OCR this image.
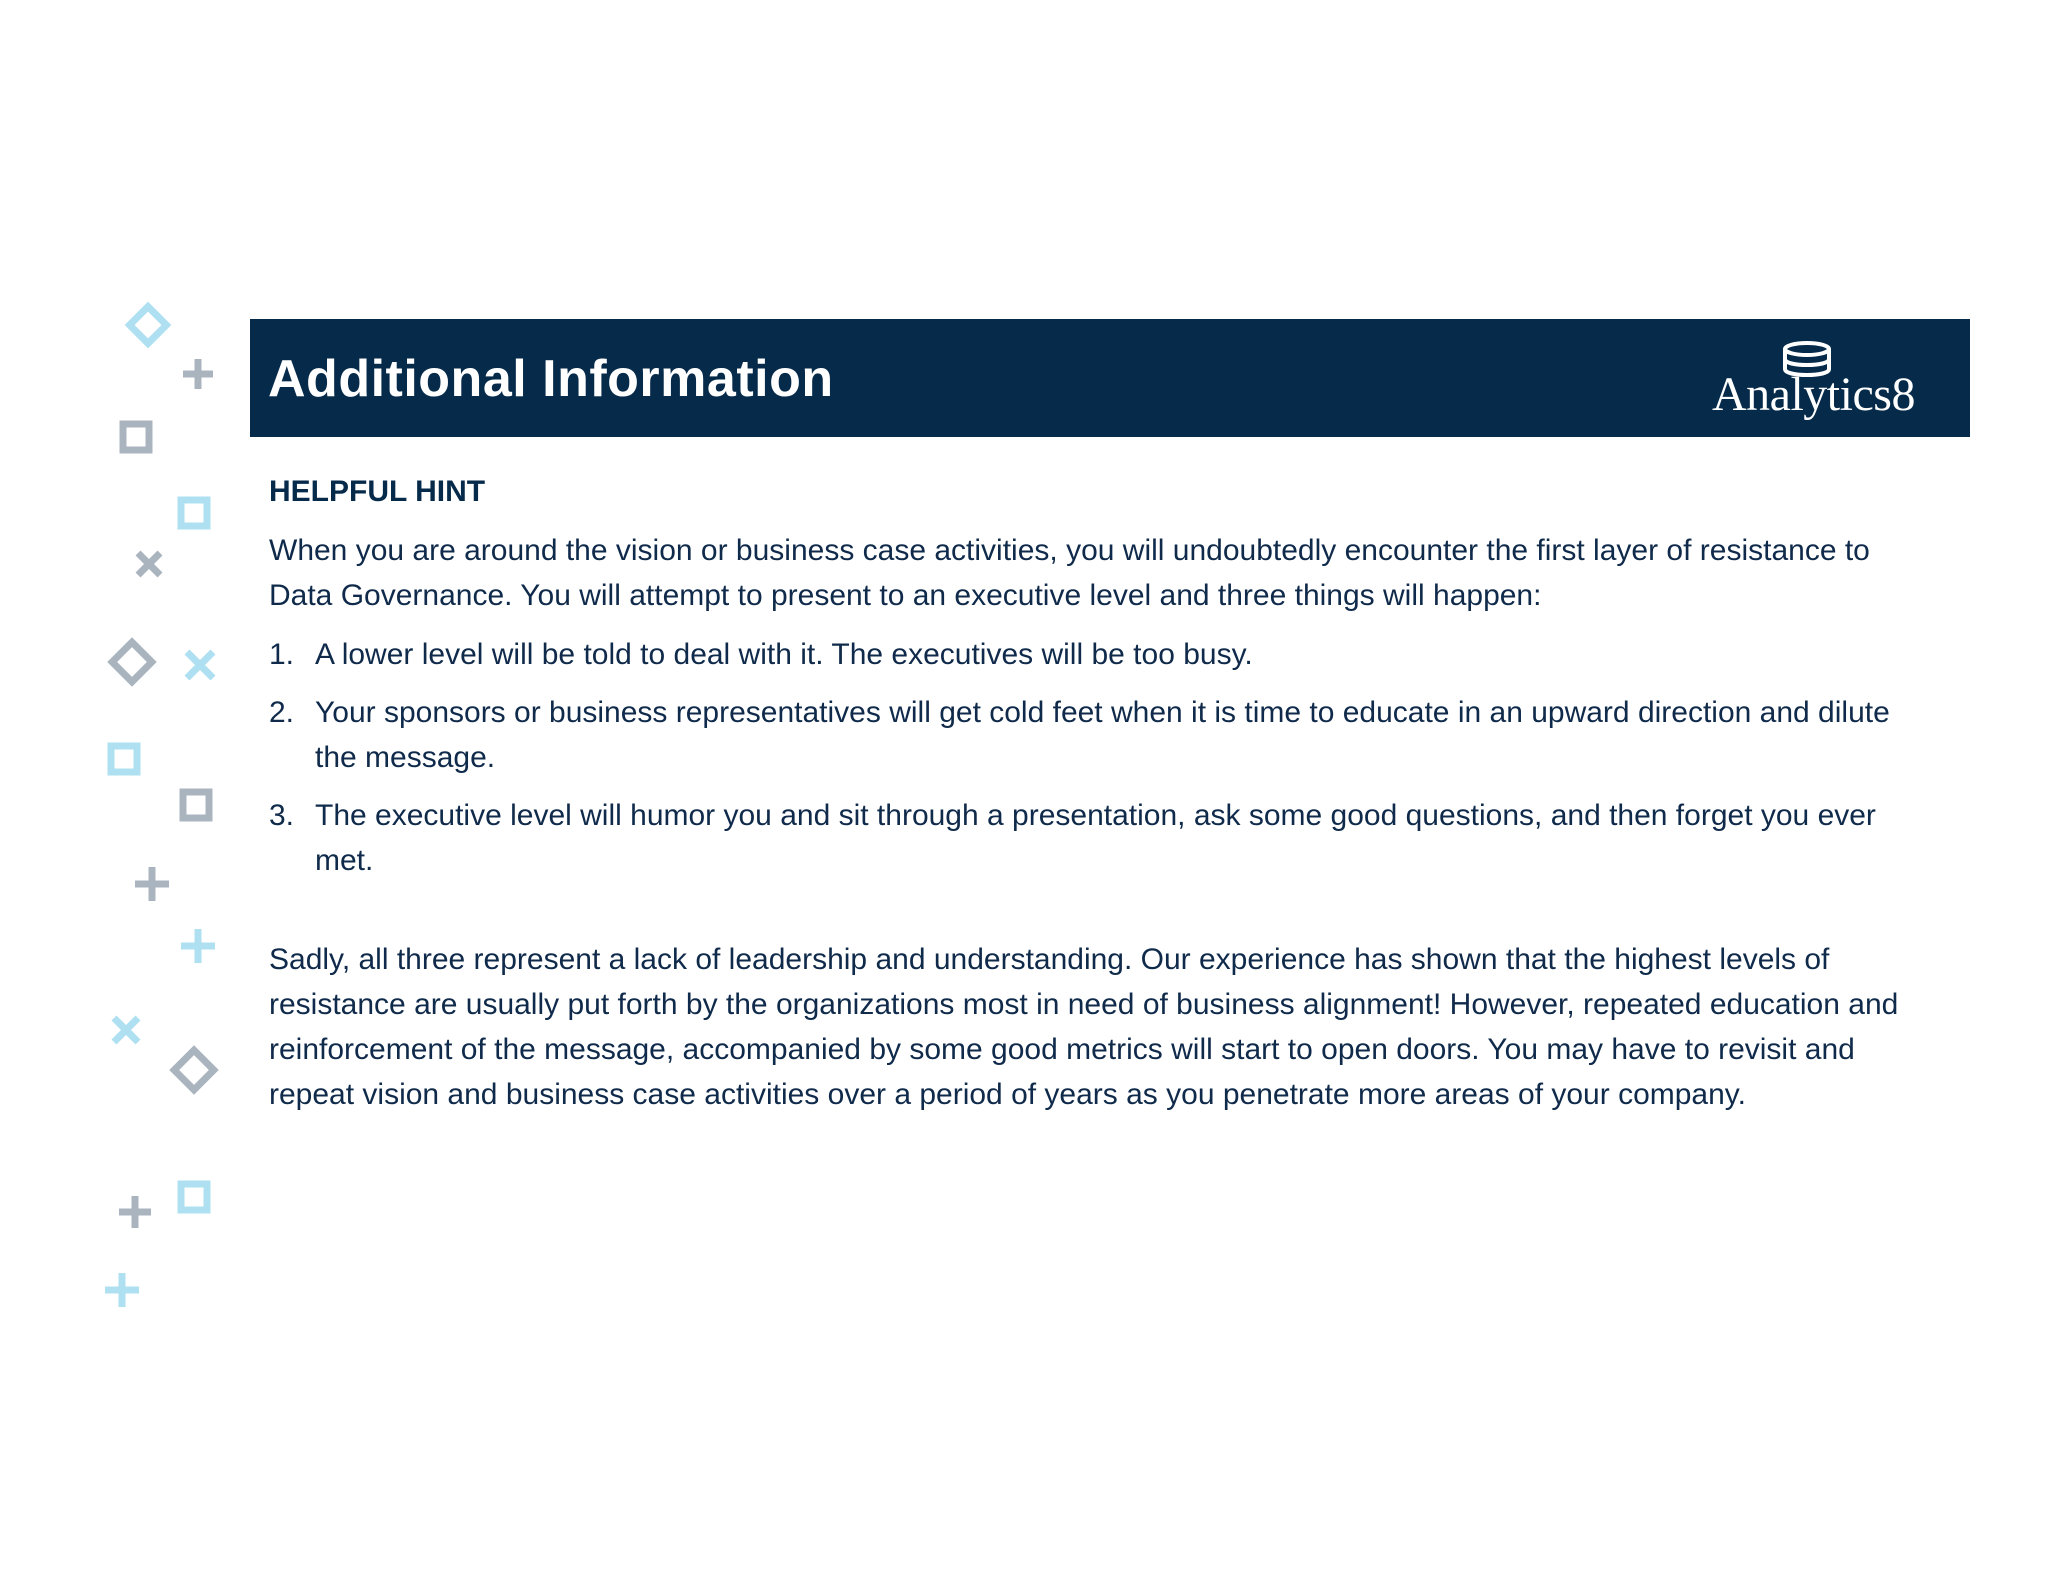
Additional Information	Analytics8
HELPFUL HINT

When you are around the vision or business case activities, you will undoubtedly encounter the first layer of resistance to Data Governance. You will attempt to present to an executive level and three things will happen:

1. A lower level will be told to deal with it. The executives will be too busy.
2. Your sponsors or business representatives will get cold feet when it is time to educate in an upward direction and dilute the message.
3. The executive level will humor you and sit through a presentation, ask some good questions, and then forget you ever met.

Sadly, all three represent a lack of leadership and understanding. Our experience has shown that the highest levels of resistance are usually put forth by the organizations most in need of business alignment! However, repeated education and reinforcement of the message, accompanied by some good metrics will start to open doors. You may have to revisit and repeat vision and business case activities over a period of years as you penetrate more areas of your company.
